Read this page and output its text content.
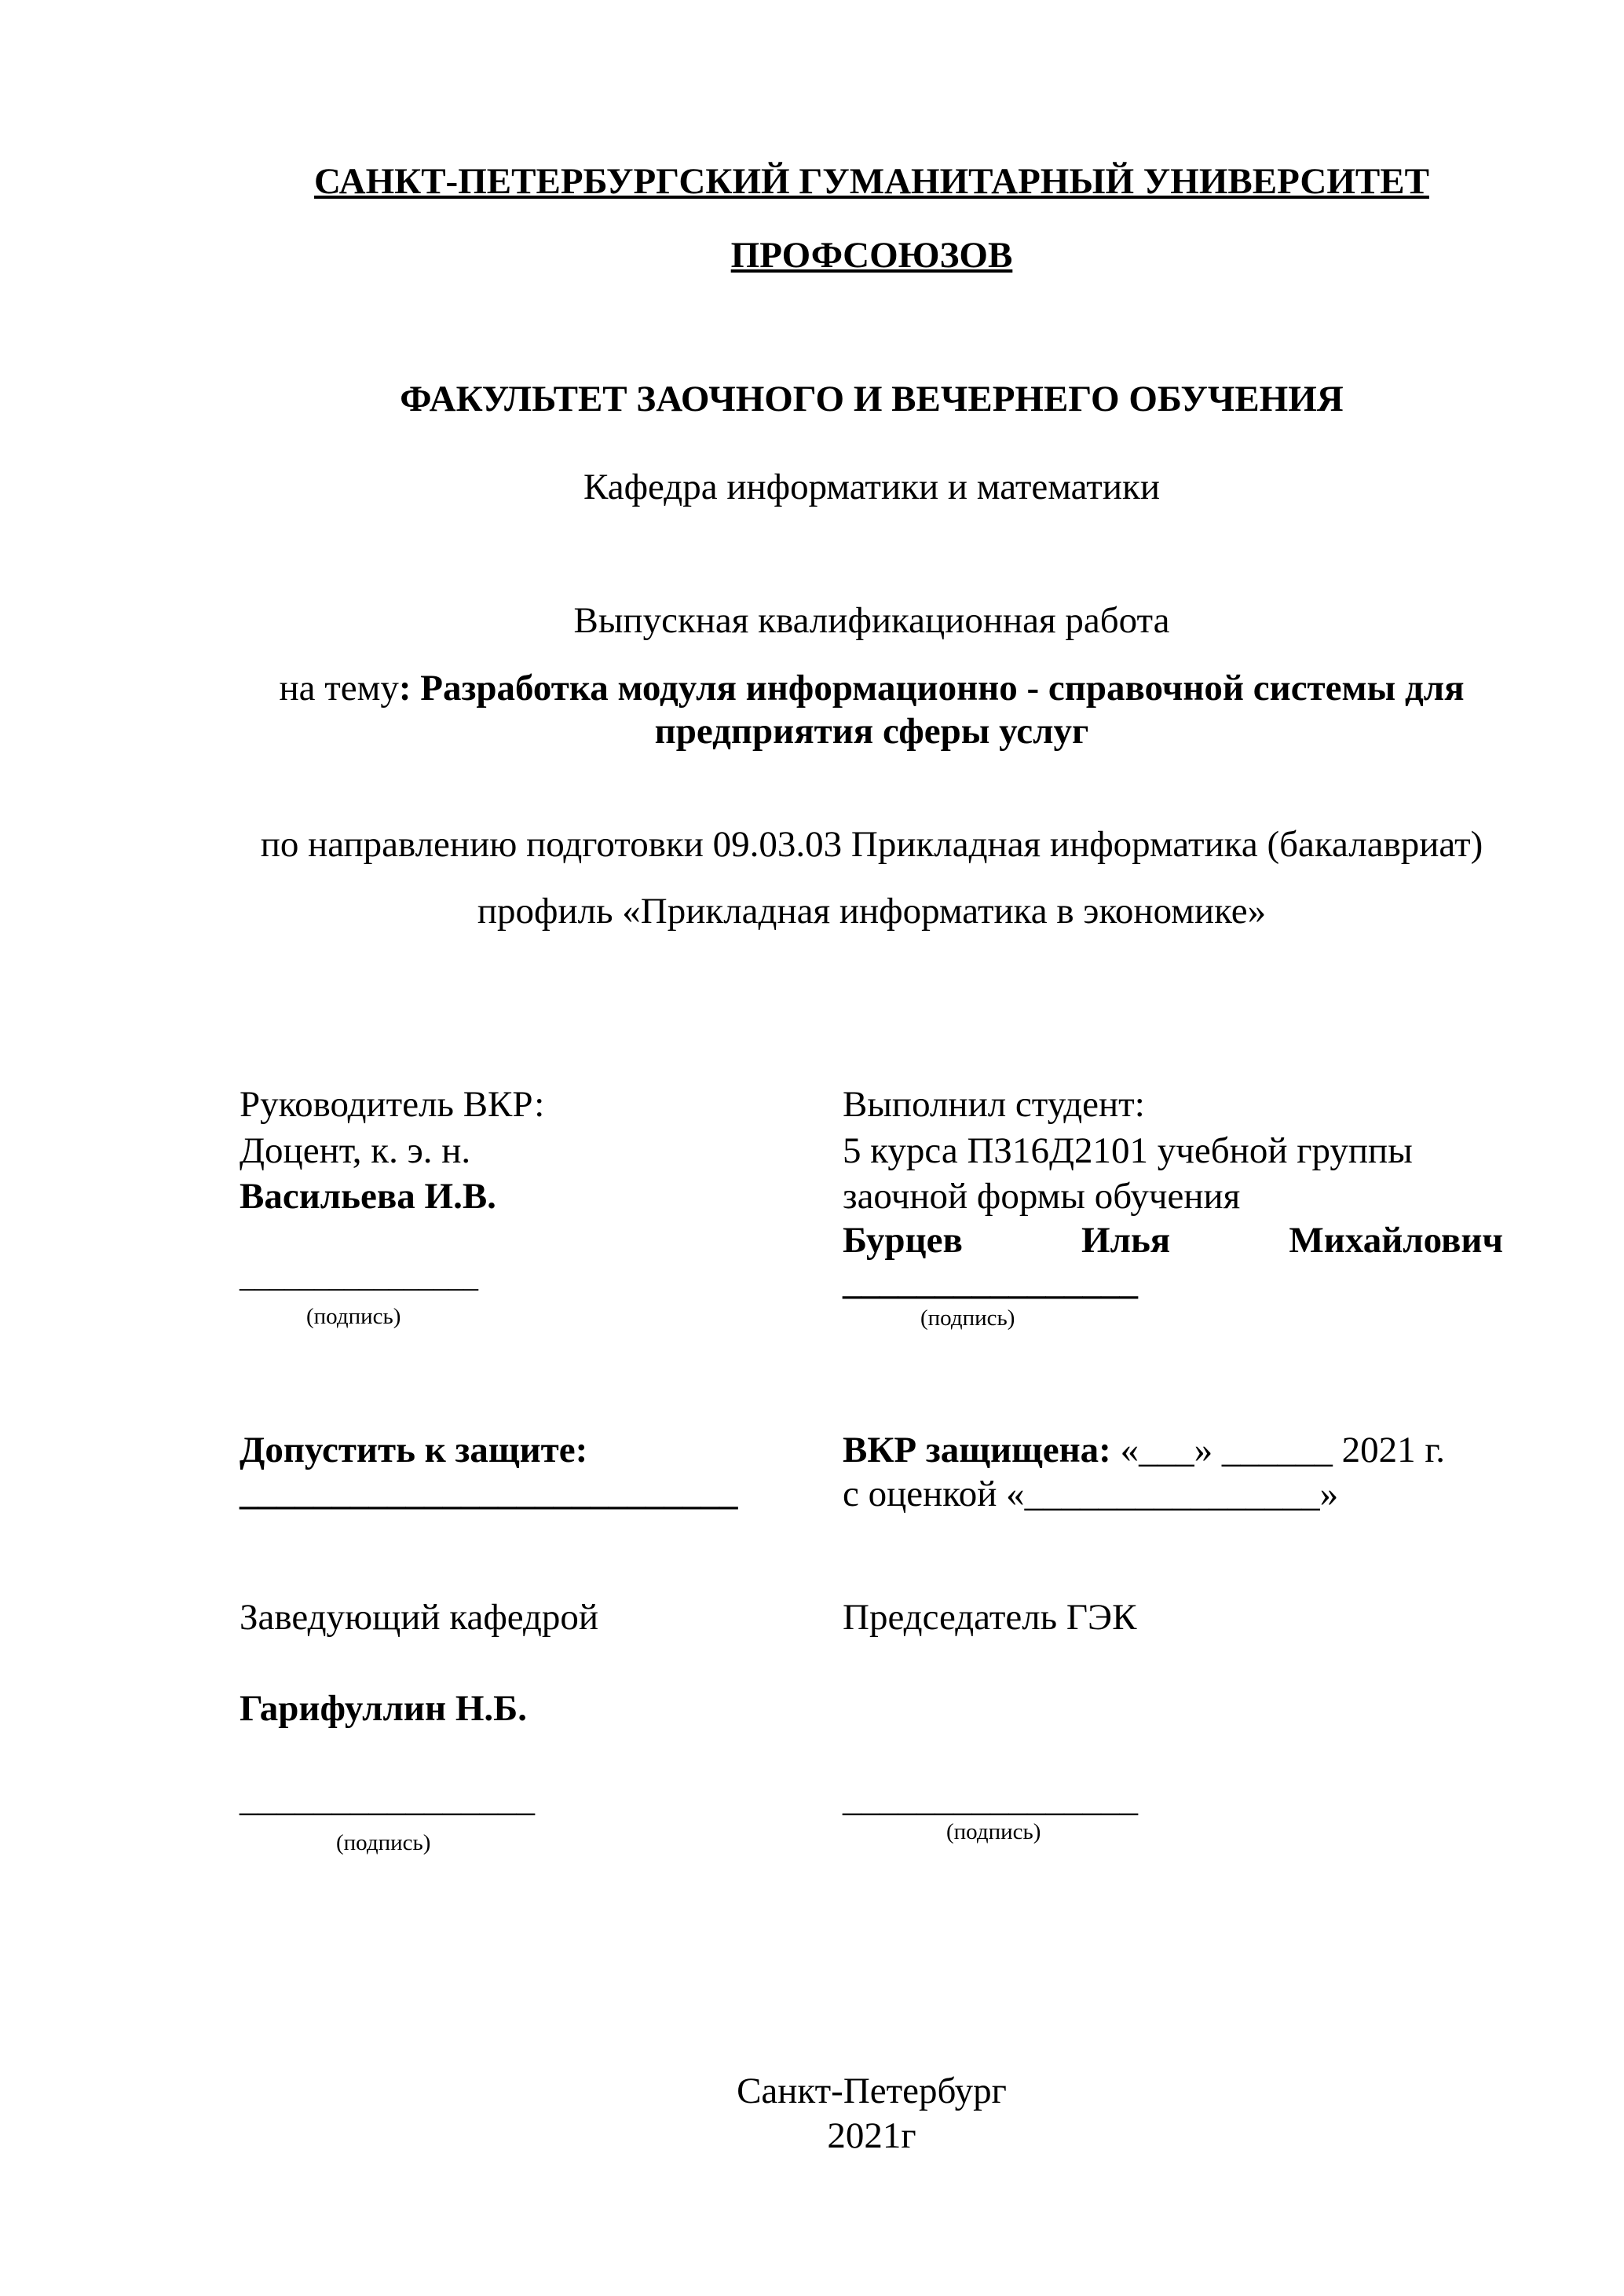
САНКТ-ПЕТЕРБУРГСКИЙ ГУМАНИТАРНЫЙ УНИВЕРСИТЕТ
ПРОФСОЮЗОВ
ФАКУЛЬТЕТ ЗАОЧНОГО И ВЕЧЕРНЕГО ОБУЧЕНИЯ
Кафедра информатики и математики
Выпускная квалификационная работа
на тему: Разработка модуля информационно - справочной системы для
предприятия сферы услуг
по направлению подготовки 09.03.03 Прикладная информатика (бакалавриат)
профиль «Прикладная информатика в экономике»
Руководитель ВКР:
Доцент, к. э. н.
Васильева И.В.
________________
(подпись)
Выполнил студент:
5 курса ПЗ16Д2101 учебной группы
заочной формы обучения
Бурцев	Илья	Михайлович
________________
(подпись)
Допустить к защите:
___________________________
ВКР защищена: «___» ______ 2021 г.
с оценкой «________________»
Заведующий кафедрой
Гарифуллин Н.Б.
________________
(подпись)
Председатель ГЭК
________________
(подпись)
Санкт-Петербург
2021г
